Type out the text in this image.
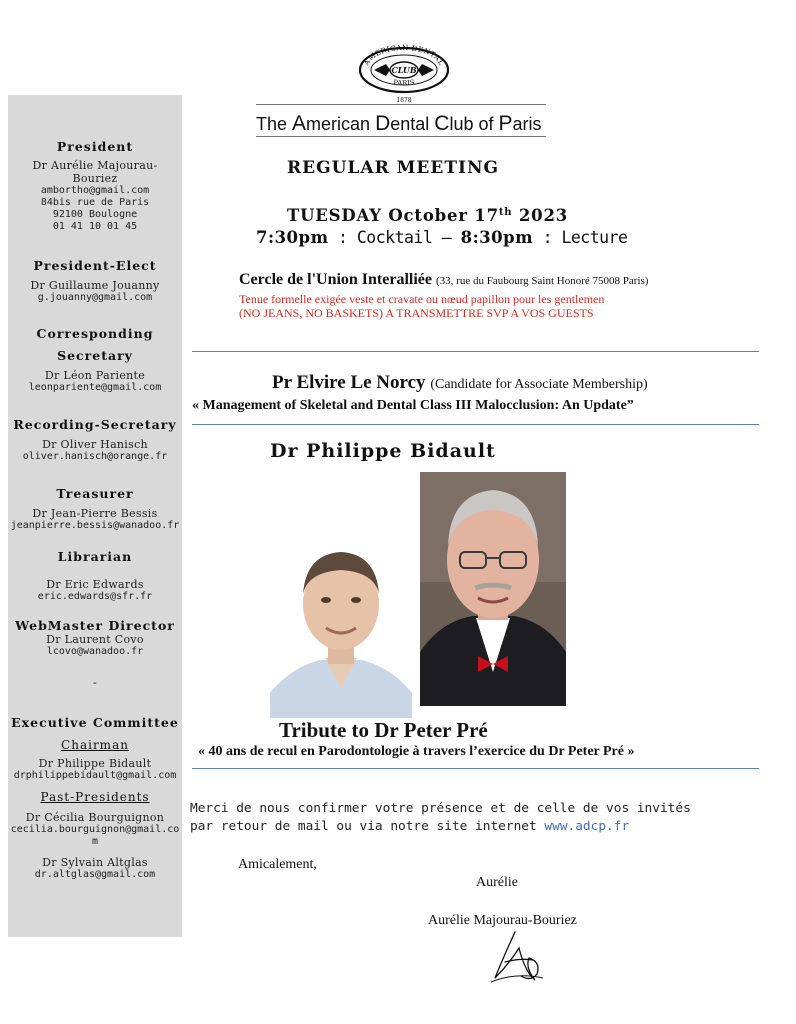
President
Dr Aurélie Majourau-
Bouriez
ambortho@gmail.com
84bis rue de Paris
92100 Boulogne
01 41 10 01 45
President-Elect
Dr Guillaume Jouanny
g.jouanny@gmail.com
Corresponding
Secretary
Dr Léon Pariente
leonpariente@gmail.com
Recording-Secretary
Dr Oliver Hanisch
oliver.hanisch@orange.fr
Treasurer
Dr Jean-Pierre Bessis
jeanpierre.bessis@wanadoo.fr
Librarian
Dr Eric Edwards
eric.edwards@sfr.fr
WebMaster Director
Dr Laurent Covo
lcovo@wanadoo.fr
-
Executive Committee
Chairman
Dr Philippe Bidault
drphilippebidault@gmail.com
Past-Presidents
Dr Cécilia Bourguignon
cecilia.bourguignon@gmail.co
m
Dr Sylvain Altglas
dr.altglas@gmail.com
AMERICAN DENTAL
PARIS
CLUB
1878
The American Dental Club of Paris
REGULAR MEETING
TUESDAY October 17th 2023
7:30pm : Cocktail – 8:30pm : Lecture
Cercle de l'Union Interalliée (33, rue du Faubourg Saint Honoré 75008 Paris)
Tenue formelle exigée veste et cravate ou nœud papillon pour les gentlemen
(NO JEANS, NO BASKETS) A TRANSMETTRE SVP A VOS GUESTS
Pr Elvire Le Norcy (Candidate for Associate Membership)
« Management of Skeletal and Dental Class III Malocclusion: An Update”
Dr Philippe Bidault
Tribute to Dr Peter Pré
« 40 ans de recul en Parodontologie à travers l’exercice du Dr Peter Pré »
Merci de nous confirmer votre présence et de celle de vos invités
par retour de mail ou via notre site internet www.adcp.fr
Amicalement,
Aurélie
Aurélie Majourau-Bouriez
